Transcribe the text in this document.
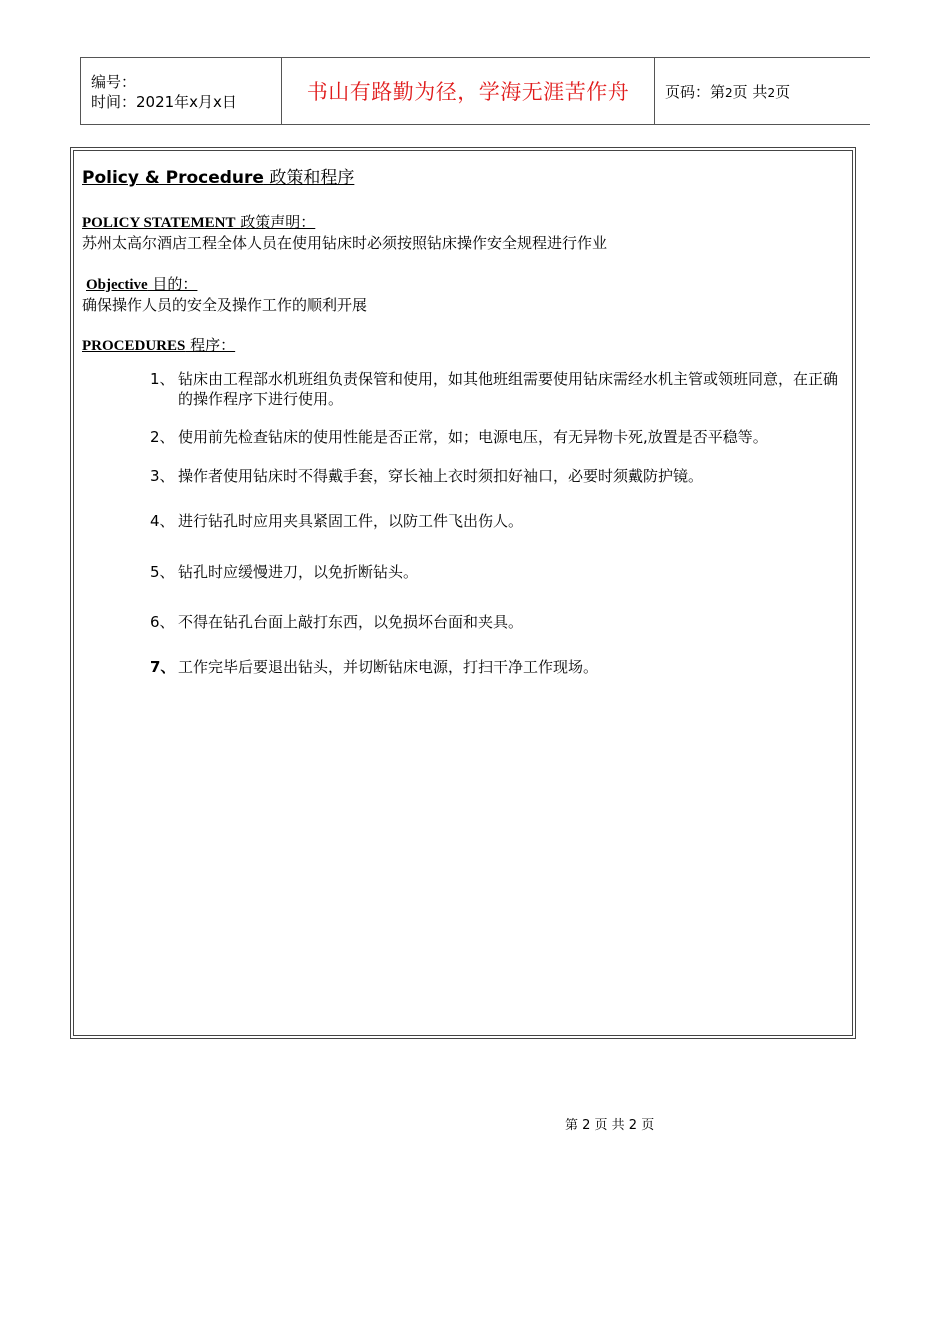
编号：
时间：2021年x月x日	书山有路勤为径，学海无涯苦作舟	页码：第2页 共2页
Policy & Procedure 政策和程序
POLICY STATEMENT 政策声明：
苏州太高尔酒店工程全体人员在使用钻床时必须按照钻床操作安全规程进行作业
Objective 目的：
确保操作人员的安全及操作工作的顺利开展
PROCEDURES 程序：
1、 钻床由工程部水机班组负责保管和使用，如其他班组需要使用钻床需经水机主管或领班同意，在正确的操作程序下进行使用。
2、 使用前先检查钻床的使用性能是否正常，如；电源电压，有无异物卡死,放置是否平稳等。
3、 操作者使用钻床时不得戴手套，穿长袖上衣时须扣好袖口，必要时须戴防护镜。
4、 进行钻孔时应用夹具紧固工件，以防工件飞出伤人。
5、 钻孔时应缓慢进刀，以免折断钻头。
6、 不得在钻孔台面上敲打东西，以免损坏台面和夹具。
7、 工作完毕后要退出钻头，并切断钻床电源，打扫干净工作现场。
第 2 页 共 2 页
